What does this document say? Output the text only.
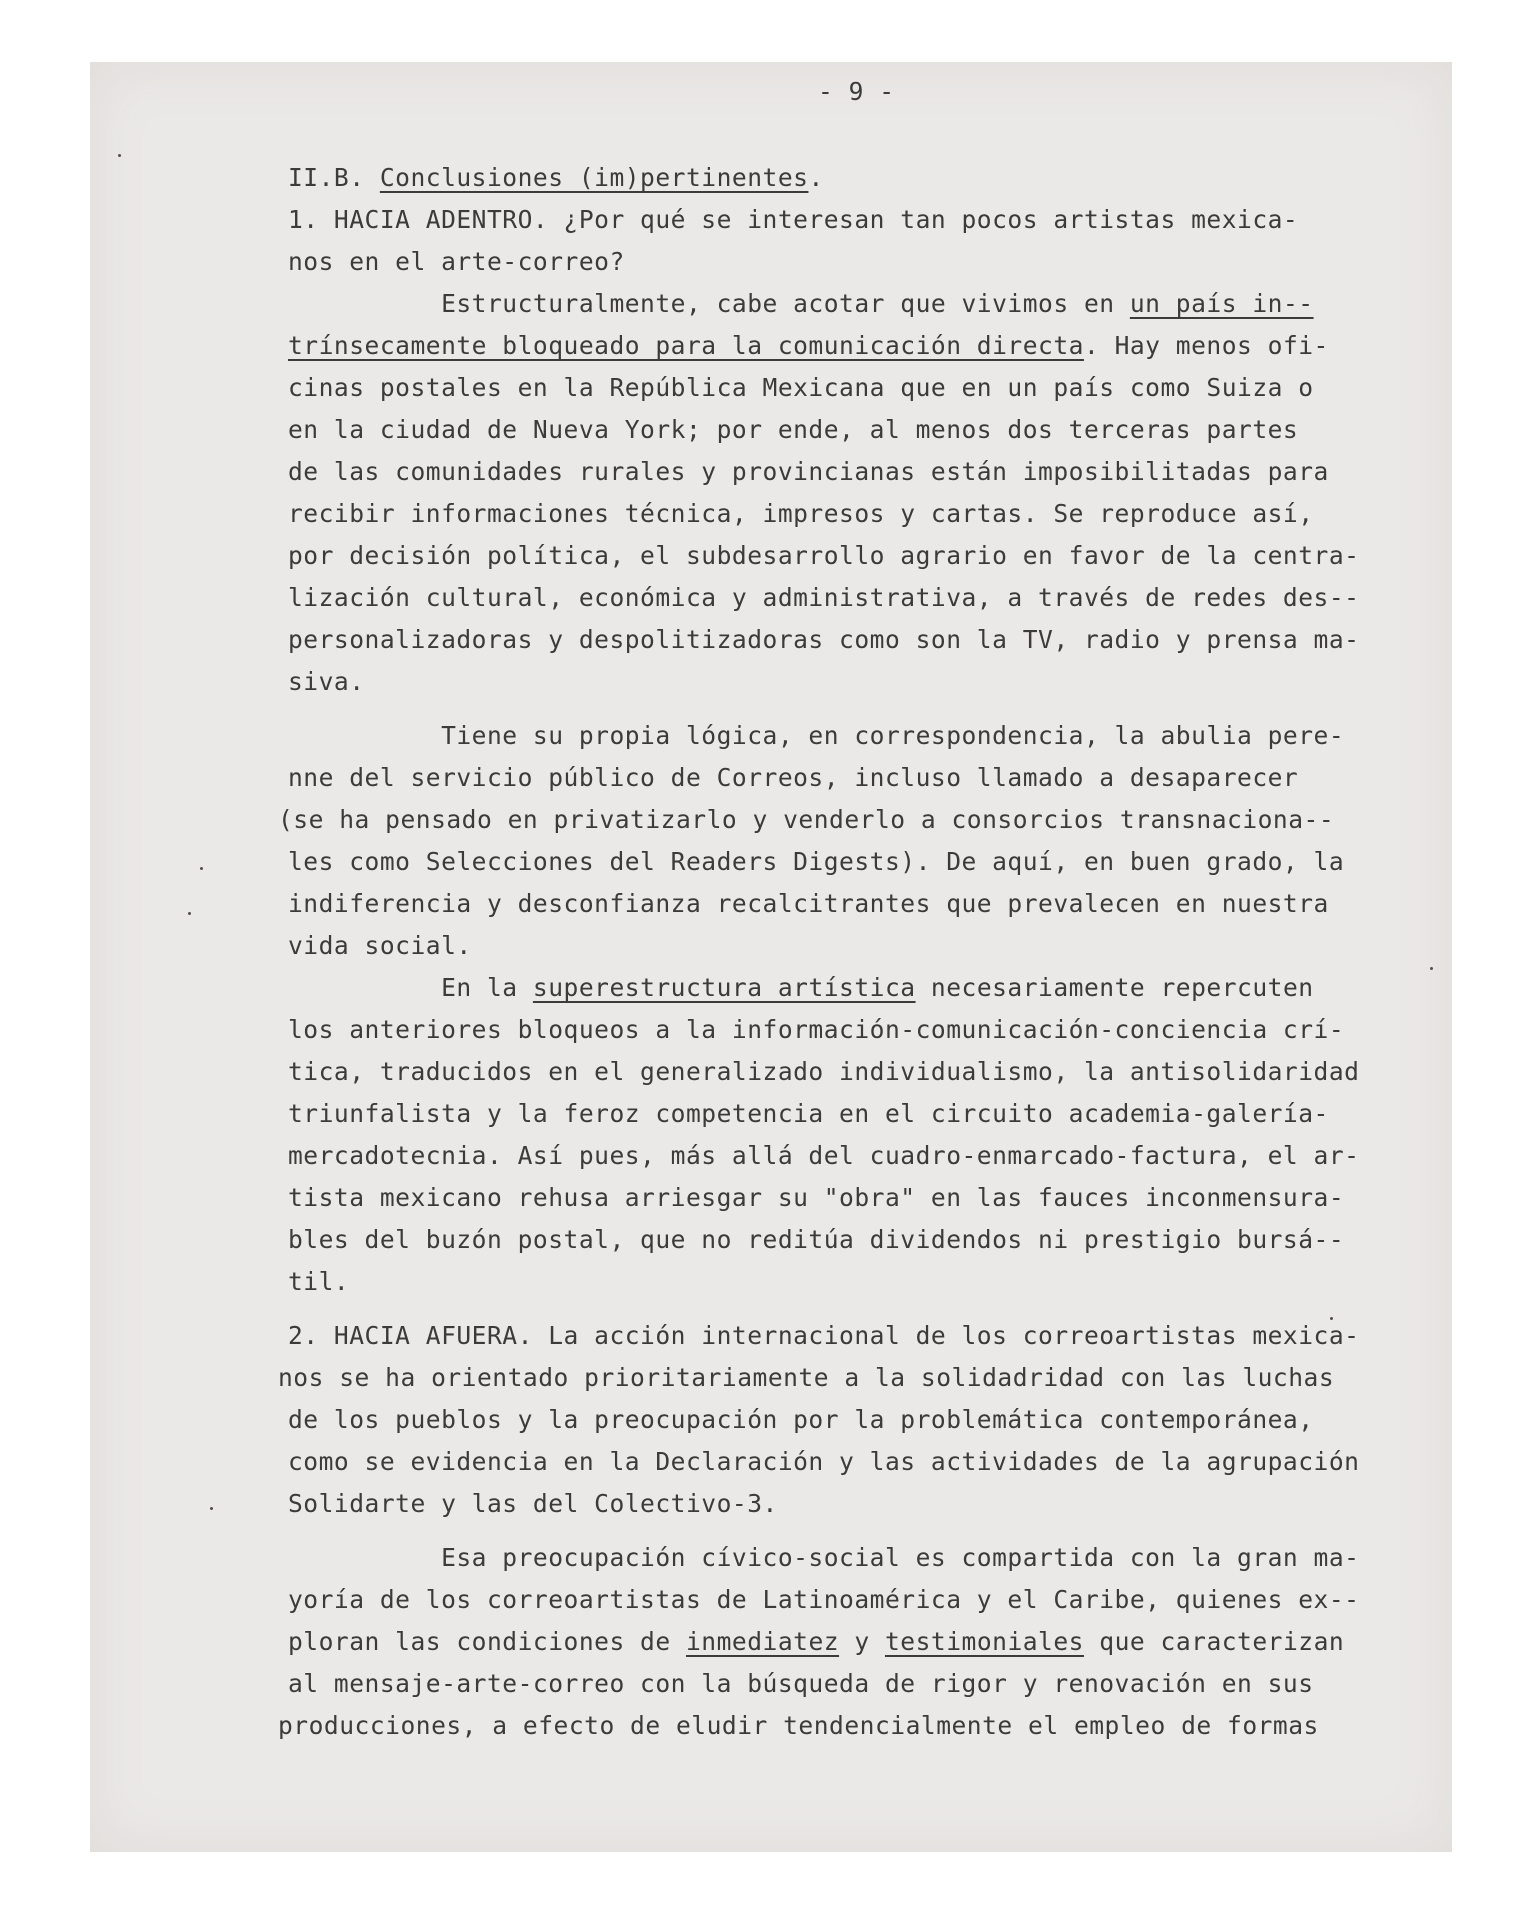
- 9 -

II.B. Conclusiones (im)pertinentes.

1. HACIA ADENTRO. ¿Por qué se interesan tan pocos artistas mexica-
nos en el arte-correo?
Estructuralmente, cabe acotar que vivimos en un país in--
trínsecamente bloqueado para la comunicación directa. Hay menos ofi-
cinas postales en la República Mexicana que en un país como Suiza o
en la ciudad de Nueva York; por ende, al menos dos terceras partes
de las comunidades rurales y provincianas están imposibilitadas para
recibir informaciones técnica, impresos y cartas. Se reproduce así,
por decisión política, el subdesarrollo agrario en favor de la centra-
lización cultural, económica y administrativa, a través de redes des--
personalizadoras y despolitizadoras como son la TV, radio y prensa ma-
siva.
Tiene su propia lógica, en correspondencia, la abulia pere-
nne del servicio público de Correos, incluso llamado a desaparecer
(se ha pensado en privatizarlo y venderlo a consorcios transnaciona--
les como Selecciones del Readers Digests). De aquí, en buen grado, la
indiferencia y desconfianza recalcitrantes que prevalecen en nuestra
vida social.
En la superestructura artística necesariamente repercuten
los anteriores bloqueos a la información-comunicación-conciencia crí-
tica, traducidos en el generalizado individualismo, la antisolidaridad
triunfalista y la feroz competencia en el circuito academia-galería-
mercadotecnia. Así pues, más allá del cuadro-enmarcado-factura, el ar-
tista mexicano rehusa arriesgar su "obra" en las fauces inconmensura-
bles del buzón postal, que no reditúa dividendos ni prestigio bursá--
til.
2. HACIA AFUERA. La acción internacional de los correoartistas mexica-
nos se ha orientado prioritariamente a la solidadridad con las luchas
de los pueblos y la preocupación por la problemática contemporánea,
como se evidencia en la Declaración y las actividades de la agrupación
Solidarte y las del Colectivo-3.
Esa preocupación cívico-social es compartida con la gran ma-
yoría de los correoartistas de Latinoamérica y el Caribe, quienes ex--
ploran las condiciones de inmediatez y testimoniales que caracterizan
al mensaje-arte-correo con la búsqueda de rigor y renovación en sus
producciones, a efecto de eludir tendencialmente el empleo de formas
